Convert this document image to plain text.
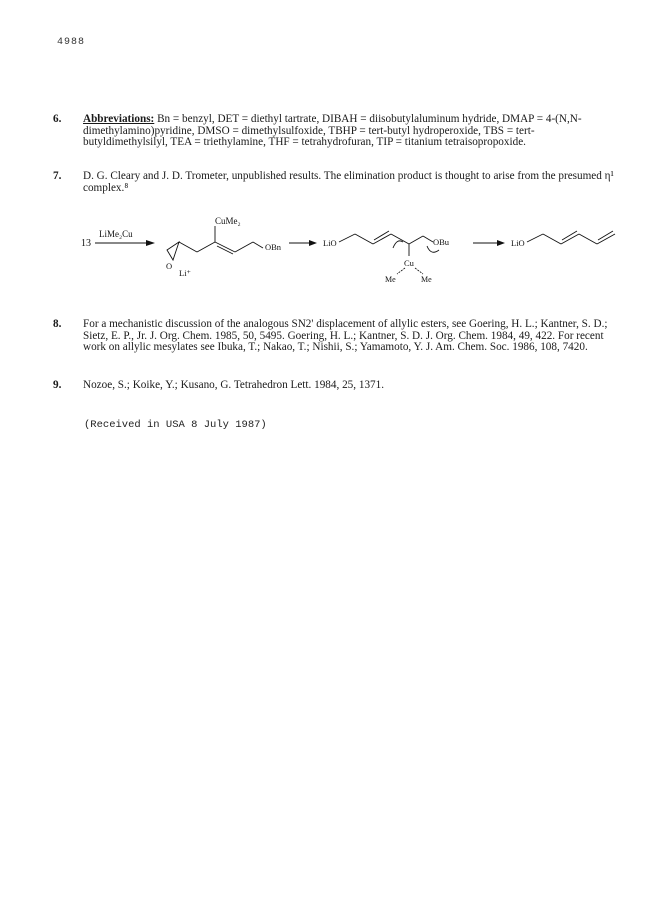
4988
6. Abbreviations: Bn = benzyl, DET = diethyl tartrate, DIBAH = diisobutylaluminum hydride, DMAP = 4-(N,N-dimethylamino)pyridine, DMSO = dimethylsulfoxide, TBHP = tert-butyl hydroperoxide, TBS = tert-butyldimethylsilyl, TEA = triethylamine, THF = tetrahydrofuran, TIP = titanium tetraisopropoxide.
7. D. G. Cleary and J. D. Trometer, unpublished results. The elimination product is thought to arise from the presumed η¹ complex.⁸
13
LiMe₂Cu
CuMe₂
OBn
O
Li⁺
LiO	OBu
Cu
Me	Me
LiO
8. For a mechanistic discussion of the analogous SN2' displacement of allylic esters, see Goering, H. L.; Kantner, S. D.; Sietz, E. P., Jr. J. Org. Chem. 1985, 50, 5495. Goering, H. L.; Kantner, S. D. J. Org. Chem. 1984, 49, 422. For recent work on allylic mesylates see Ibuka, T.; Nakao, T.; Nishii, S.; Yamamoto, Y. J. Am. Chem. Soc. 1986, 108, 7420.
9. Nozoe, S.; Koike, Y.; Kusano, G. Tetrahedron Lett. 1984, 25, 1371.
(Received in USA 8 July 1987)
